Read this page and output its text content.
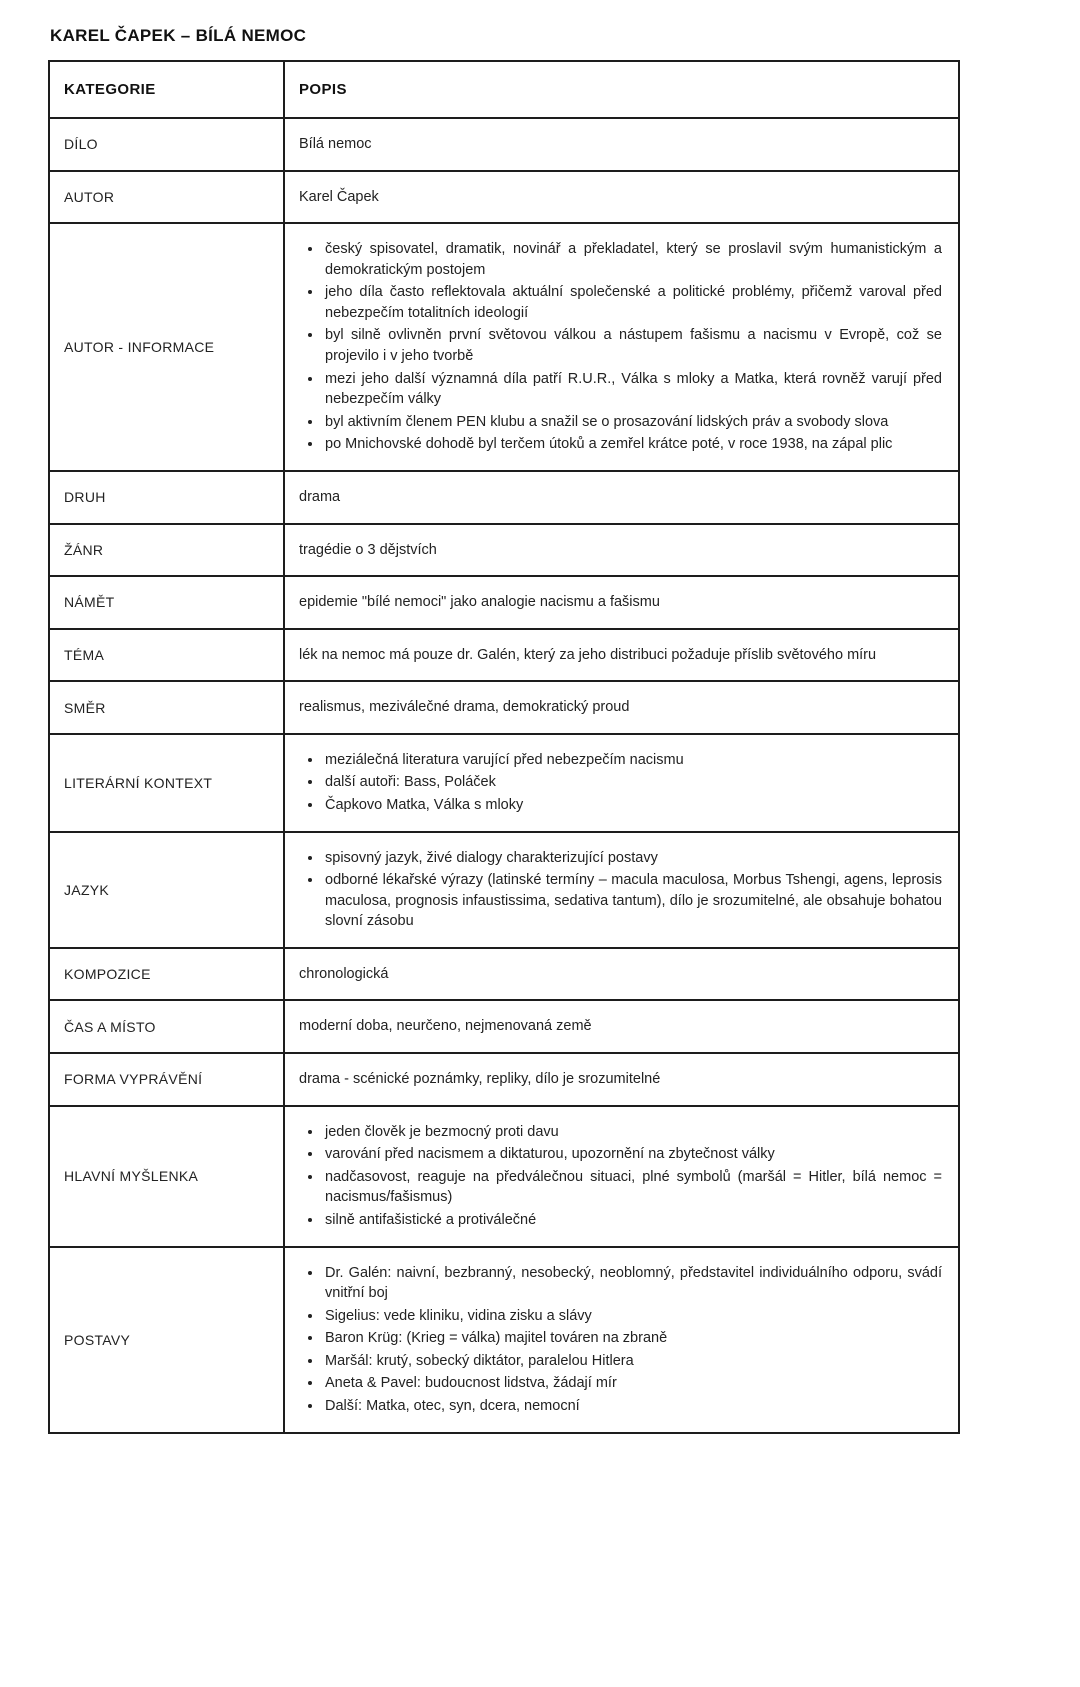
KAREL ČAPEK – BÍLÁ NEMOC
KATEGORIE	POPIS
DÍLO	Bílá nemoc

AUTOR	Karel Čapek

AUTOR - INFORMACE	
• český spisovatel, dramatik, novinář a překladatel, který se proslavil svým humanistickým a demokratickým postojem
• jeho díla často reflektovala aktuální společenské a politické problémy, přičemž varoval před nebezpečím totalitních ideologií
• byl silně ovlivněn první světovou válkou a nástupem fašismu a nacismu v Evropě, což se projevilo i v jeho tvorbě
• mezi jeho další významná díla patří R.U.R., Válka s mloky a Matka, která rovněž varují před nebezpečím války
• byl aktivním členem PEN klubu a snažil se o prosazování lidských práv a svobody slova
• po Mnichovské dohodě byl terčem útoků a zemřel krátce poté, v roce 1938, na zápal plic

DRUH	drama

ŽÁNR	tragédie o 3 dějstvích

NÁMĚT	epidemie "bílé nemoci" jako analogie nacismu a fašismu

TÉMA	lék na nemoc má pouze dr. Galén, který za jeho distribuci požaduje příslib světového míru

SMĚR	realismus, meziválečné drama, demokratický proud

LITERÁRNÍ KONTEXT	
• meziálečná literatura varující před nebezpečím nacismu
• další autoři: Bass, Poláček
• Čapkovo Matka, Válka s mloky

JAZYK	
• spisovný jazyk, živé dialogy charakterizující postavy
• odborné lékařské výrazy (latinské termíny – macula maculosa, Morbus Tshengi, agens, leprosis maculosa, prognosis infaustissima, sedativa tantum), dílo je srozumitelné, ale obsahuje bohatou slovní zásobu

KOMPOZICE	chronologická

ČAS A MÍSTO	moderní doba, neurčeno, nejmenovaná země

FORMA VYPRÁVĚNÍ	drama - scénické poznámky, repliky, dílo je srozumitelné

HLAVNÍ MYŠLENKA	
• jeden člověk je bezmocný proti davu
• varování před nacismem a diktaturou, upozornění na zbytečnost války
• nadčasovost, reaguje na předválečnou situaci, plné symbolů (maršál = Hitler, bílá nemoc = nacismus/fašismus)
• silně antifašistické a protiválečné

POSTAVY	
• Dr. Galén: naivní, bezbranný, nesobecký, neoblomný, představitel individuálního odporu, svádí vnitřní boj
• Sigelius: vede kliniku, vidina zisku a slávy
• Baron Krüg: (Krieg = válka) majitel továren na zbraně
• Maršál: krutý, sobecký diktátor, paralelou Hitlera
• Aneta & Pavel: budoucnost lidstva, žádají mír
• Další: Matka, otec, syn, dcera, nemocní
